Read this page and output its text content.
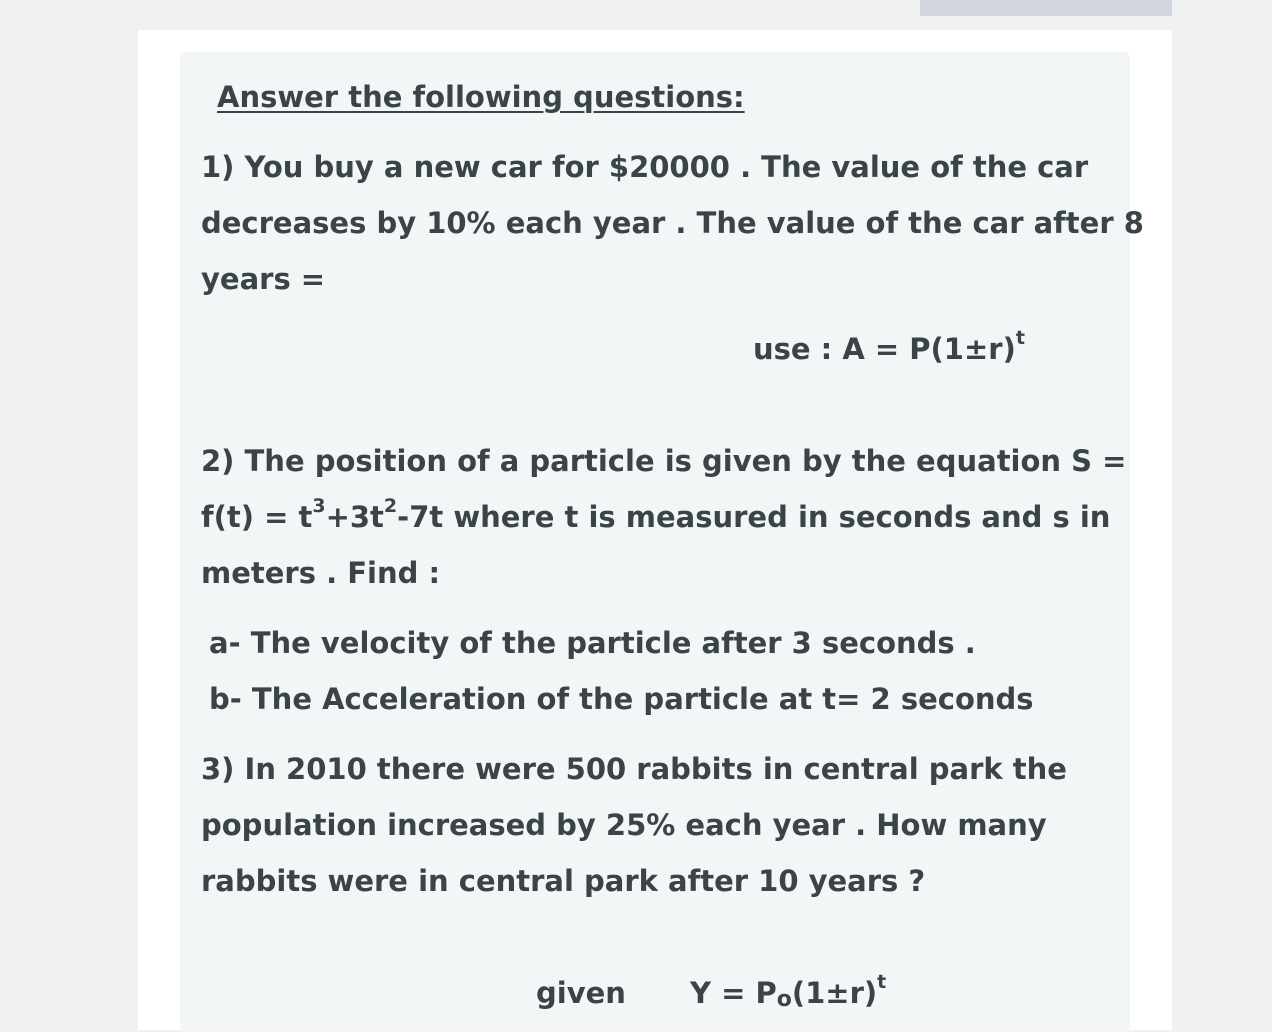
Answer the following questions:
1) You buy a new car for $20000 . The value of the car
decreases by 10% each year . The value of the car after 8
years =
use : $A = P(1\pm r)^t$
2) The position of a particle is given by the equation S =
$f(t) = t^3+3t^2-7t$ where t is measured in seconds and s in
meters . Find :
a- The velocity of the particle after 3 seconds .
b- The Acceleration of the particle at t= 2 seconds
3) In 2010 there were 500 rabbits in central park the
population increased by 25% each year . How many
rabbits were in central park after 10 years ?
given $Y = P_o(1\pm r)^t$
